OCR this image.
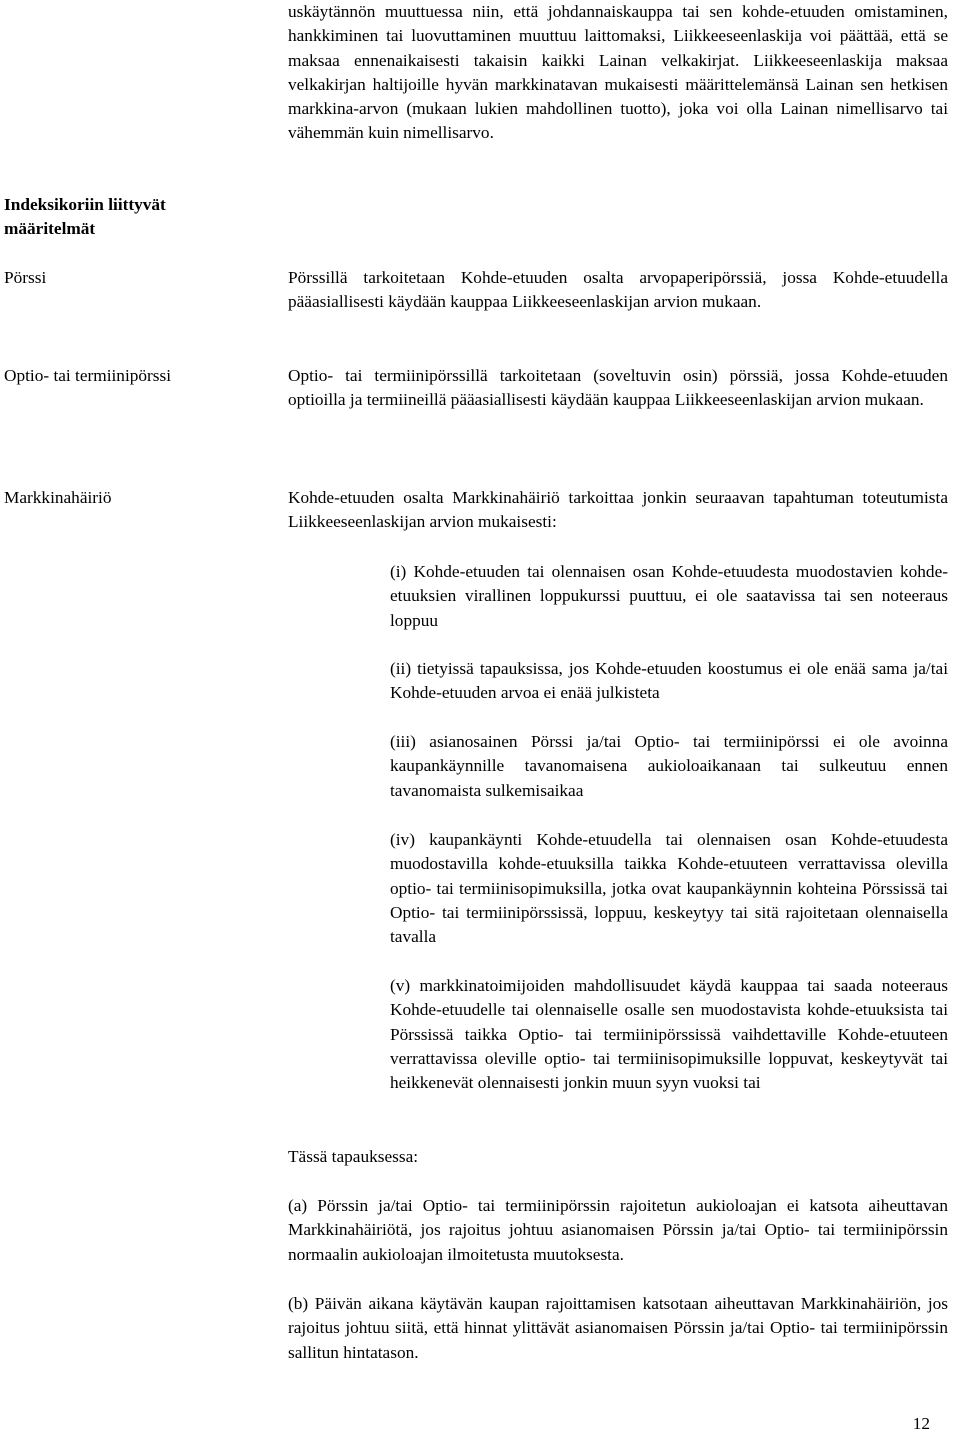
uskäytännön muuttuessa niin, että johdannaiskauppa tai sen kohde-etuuden omistaminen, hankkiminen tai luovuttaminen muuttuu laittomaksi, Liikkeeseenlaskija voi päättää, että se maksaa ennenaikaisesti takaisin kaikki Lainan velkakirjat. Liikkeeseenlaskija maksaa velkakirjan haltijoille hyvän markkinatavan mukaisesti määrittelemänsä Lainan sen hetkisen markkina-arvon (mukaan lukien mahdollinen tuotto), joka voi olla Lainan nimellisarvo tai vähemmän kuin nimellisarvo.

Indeksikoriin liittyvät määritelmät
Pörssi	Pörssillä tarkoitetaan Kohde-etuuden osalta arvopaperipörssiä, jossa Kohde-etuudella pääasiallisesti käydään kauppaa Liikkeeseenlaskijan arvion mukaan.

Optio- tai termiinipörssi	Optio- tai termiinipörssillä tarkoitetaan (soveltuvin osin) pörssiä, jossa Kohde-etuuden optioilla ja termiineillä pääasiallisesti käydään kauppaa Liikkeeseenlaskijan arvion mukaan.

Markkinahäiriö	Kohde-etuuden osalta Markkinahäiriö tarkoittaa jonkin seuraavan tapahtuman toteutumista Liikkeeseenlaskijan arvion mukaisesti:

(i) Kohde-etuuden tai olennaisen osan Kohde-etuudesta muodostavien kohde-etuuksien virallinen loppukurssi puuttuu, ei ole saatavissa tai sen noteeraus loppuu

(ii) tietyissä tapauksissa, jos Kohde-etuuden koostumus ei ole enää sama ja/tai Kohde-etuuden arvoa ei enää julkisteta

(iii) asianosainen Pörssi ja/tai Optio- tai termiinipörssi ei ole avoinna kaupankäynnille tavanomaisena aukioloaikanaan tai sulkeutuu ennen tavanomaista sulkemisaikaa

(iv) kaupankäynti Kohde-etuudella tai olennaisen osan Kohde-etuudesta muodostavilla kohde-etuuksilla taikka Kohde-etuuteen verrattavissa olevilla optio- tai termiinisopimuksilla, jotka ovat kaupankäynnin kohteina Pörssissä tai Optio- tai termiinipörssissä, loppuu, keskeytyy tai sitä rajoitetaan olennaisella tavalla

(v) markkinatoimijoiden mahdollisuudet käydä kauppaa tai saada noteeraus Kohde-etuudelle tai olennaiselle osalle sen muodostavista kohde-etuuksista tai Pörssissä taikka Optio- tai termiinipörssissä vaihdettaville Kohde-etuuteen verrattavissa oleville optio- tai termiinisopimuksille loppuvat, keskeytyvät tai heikkenevät olennaisesti jonkin muun syyn vuoksi tai

Tässä tapauksessa:

(a) Pörssin ja/tai Optio- tai termiinipörssin rajoitetun aukioloajan ei katsota aiheuttavan Markkinahäiriötä, jos rajoitus johtuu asianomaisen Pörssin ja/tai Optio- tai termiinipörssin normaalin aukioloajan ilmoitetusta muutoksesta.

(b) Päivän aikana käytävän kaupan rajoittamisen katsotaan aiheuttavan Markkinahäiriön, jos rajoitus johtuu siitä, että hinnat ylittävät asianomaisen Pörssin ja/tai Optio- tai termiinipörssin sallitun hintatason.

12
